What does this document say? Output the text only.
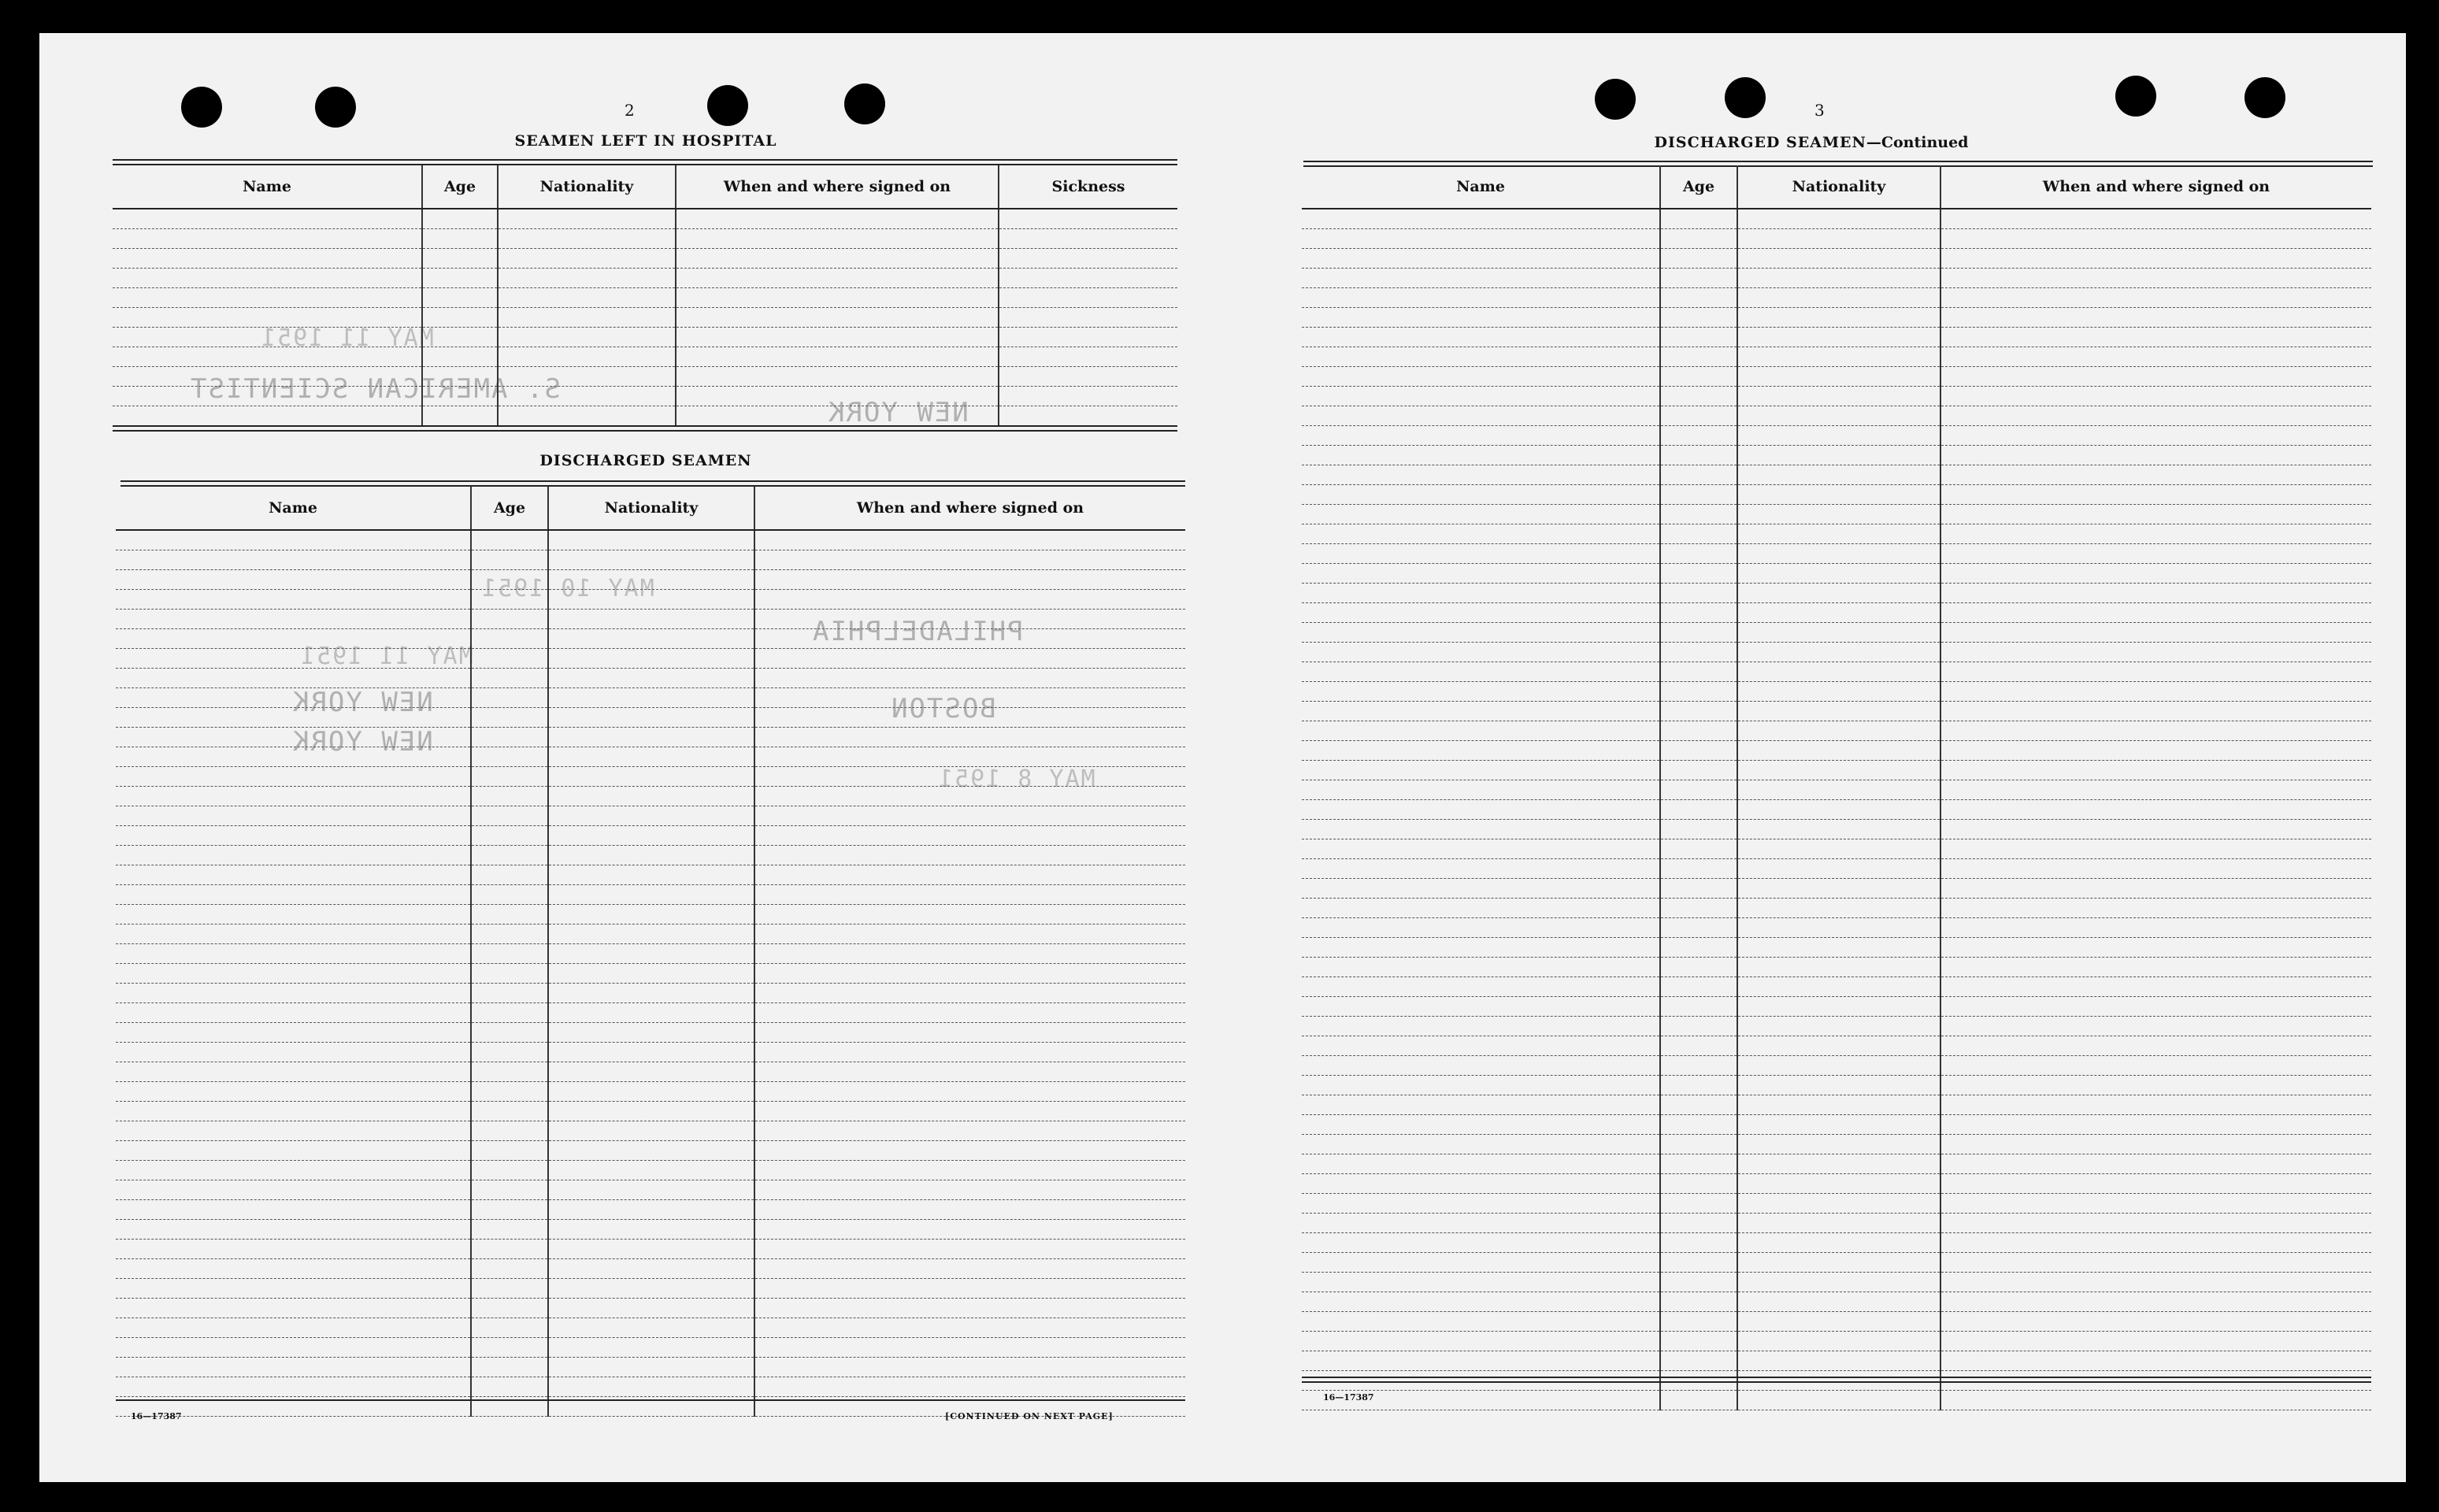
NEW YORK
MAY 11 1951
S. AMERICAN SCIENTIST
MAY 10 1951
PHILADELPHIA
BOSTON
MAY 11 1951
NEW YORK
NEW YORK
MAY 8 1951
2
SEAMEN LEFT IN HOSPITAL
Name	Age	Nationality	When and where signed on	Sickness

DISCHARGED SEAMEN
Name	Age	Nationality	When and where signed on

16—17387	[CONTINUED ON NEXT PAGE]
3
DISCHARGED SEAMEN—Continued
Name	Age	Nationality	When and where signed on

16—17387
